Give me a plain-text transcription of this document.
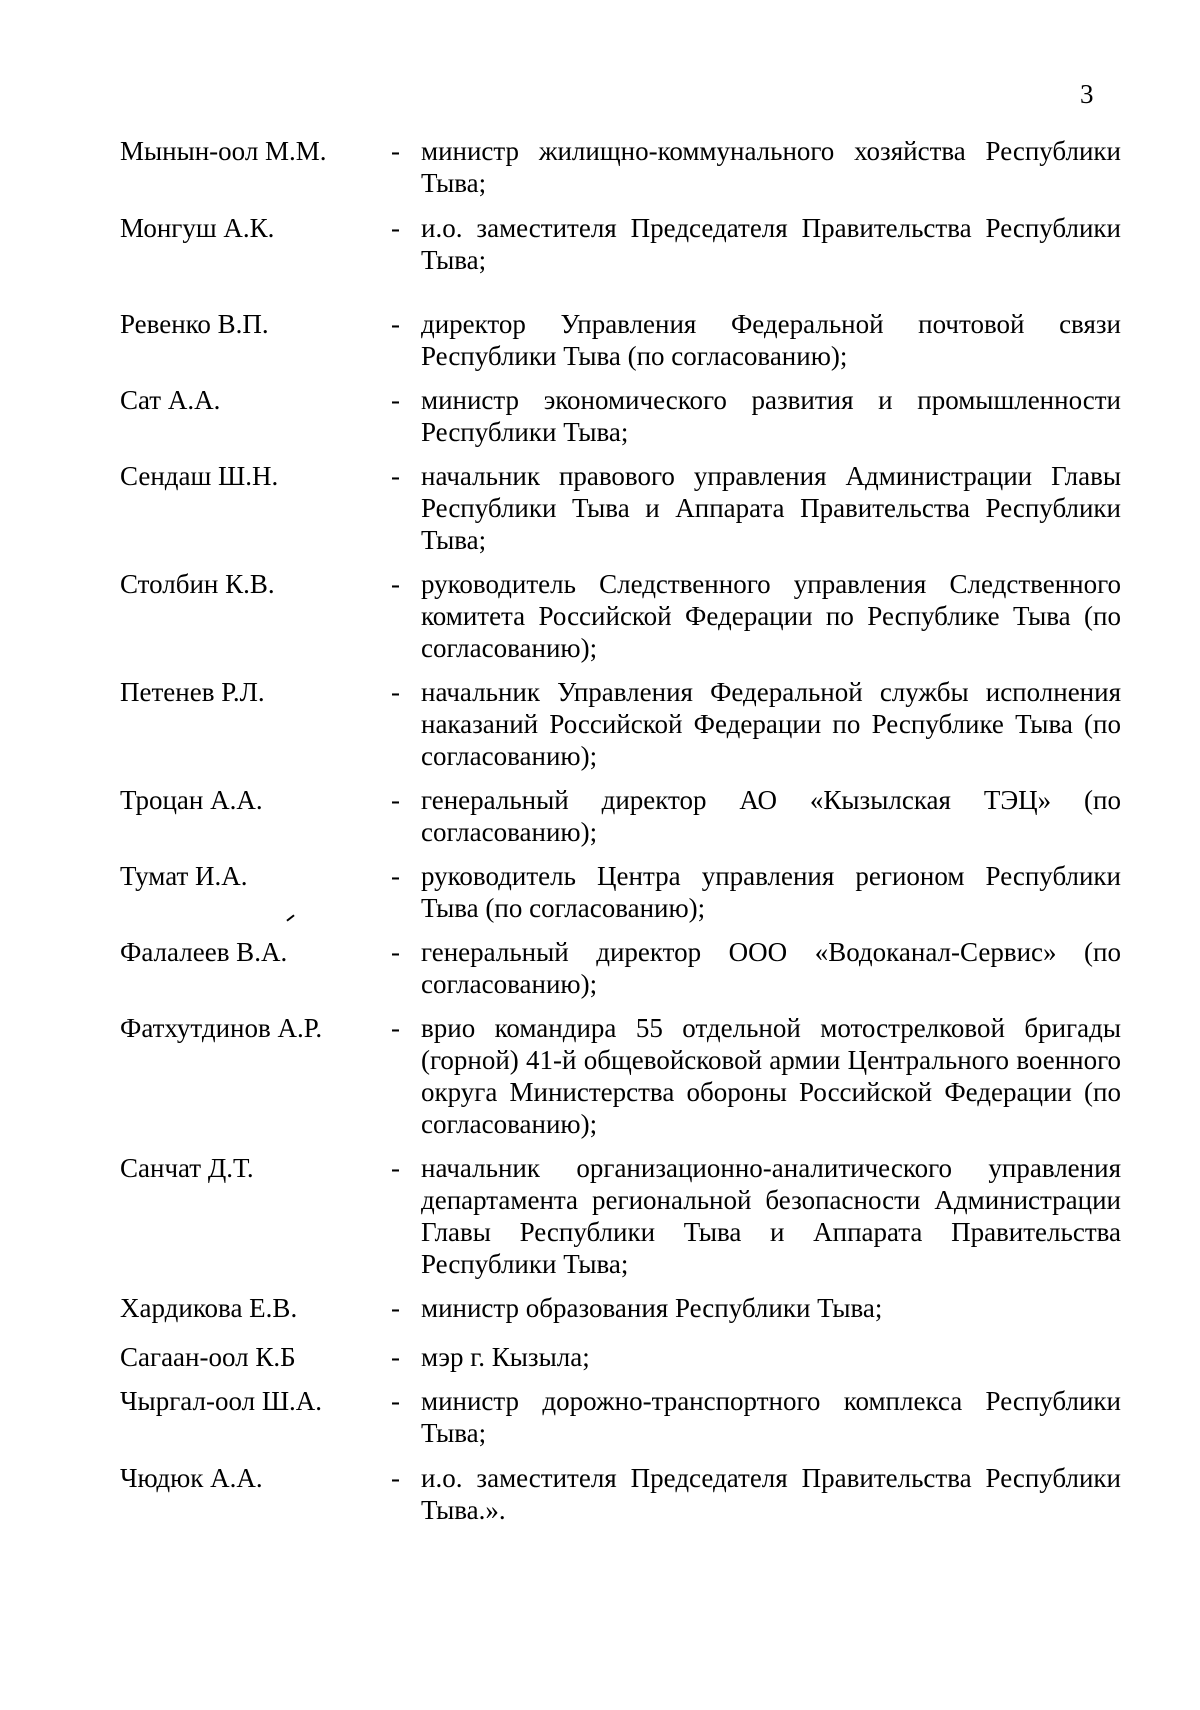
3
Мынын-оол М.М. - министр жилищно-коммунального хозяйства Республики Тыва;
Монгуш А.К.	- и.о. заместителя Председателя Правительства Республики Тыва;
Ревенко В.П.	- директор Управления Федеральной почтовой связи Республики Тыва (по согласованию);
Сат А.А.	- министр экономического развития и промышленности Республики Тыва;
Сендаш Ш.Н.	- начальник правового управления Администрации Главы Республики Тыва и Аппарата Правительства Республики Тыва;
Столбин К.В.	- руководитель Следственного управления Следственного комитета Российской Федерации по Республике Тыва (по согласованию);
Петенев Р.Л.	- начальник Управления Федеральной службы исполнения наказаний Российской Федерации по Республике Тыва (по согласованию);
Троцан А.А.	- генеральный директор АО «Кызылская ТЭЦ» (по согласованию);
Тумат И.А.	- руководитель Центра управления регионом Республики Тыва (по согласованию);
Фалалеев В.А.	- генеральный директор ООО «Водоканал-Сервис» (по согласованию);
Фатхутдинов А.Р.	- врио командира 55 отдельной мотострелковой бригады (горной) 41-й общевойсковой армии Центрального военного округа Министерства обороны Российской Федерации (по согласованию);
Санчат Д.Т.	- начальник организационно-аналитического управления департамента региональной безопасности Администрации Главы Республики Тыва и Аппарата Правительства Республики Тыва;
Хардикова Е.В.	- министр образования Республики Тыва;
Сагаан-оол К.Б	- мэр г. Кызыла;
Чыргал-оол Ш.А.	- министр дорожно-транспортного комплекса Республики Тыва;
Чюдюк А.А.	- и.о. заместителя Председателя Правительства Республики Тыва.».
